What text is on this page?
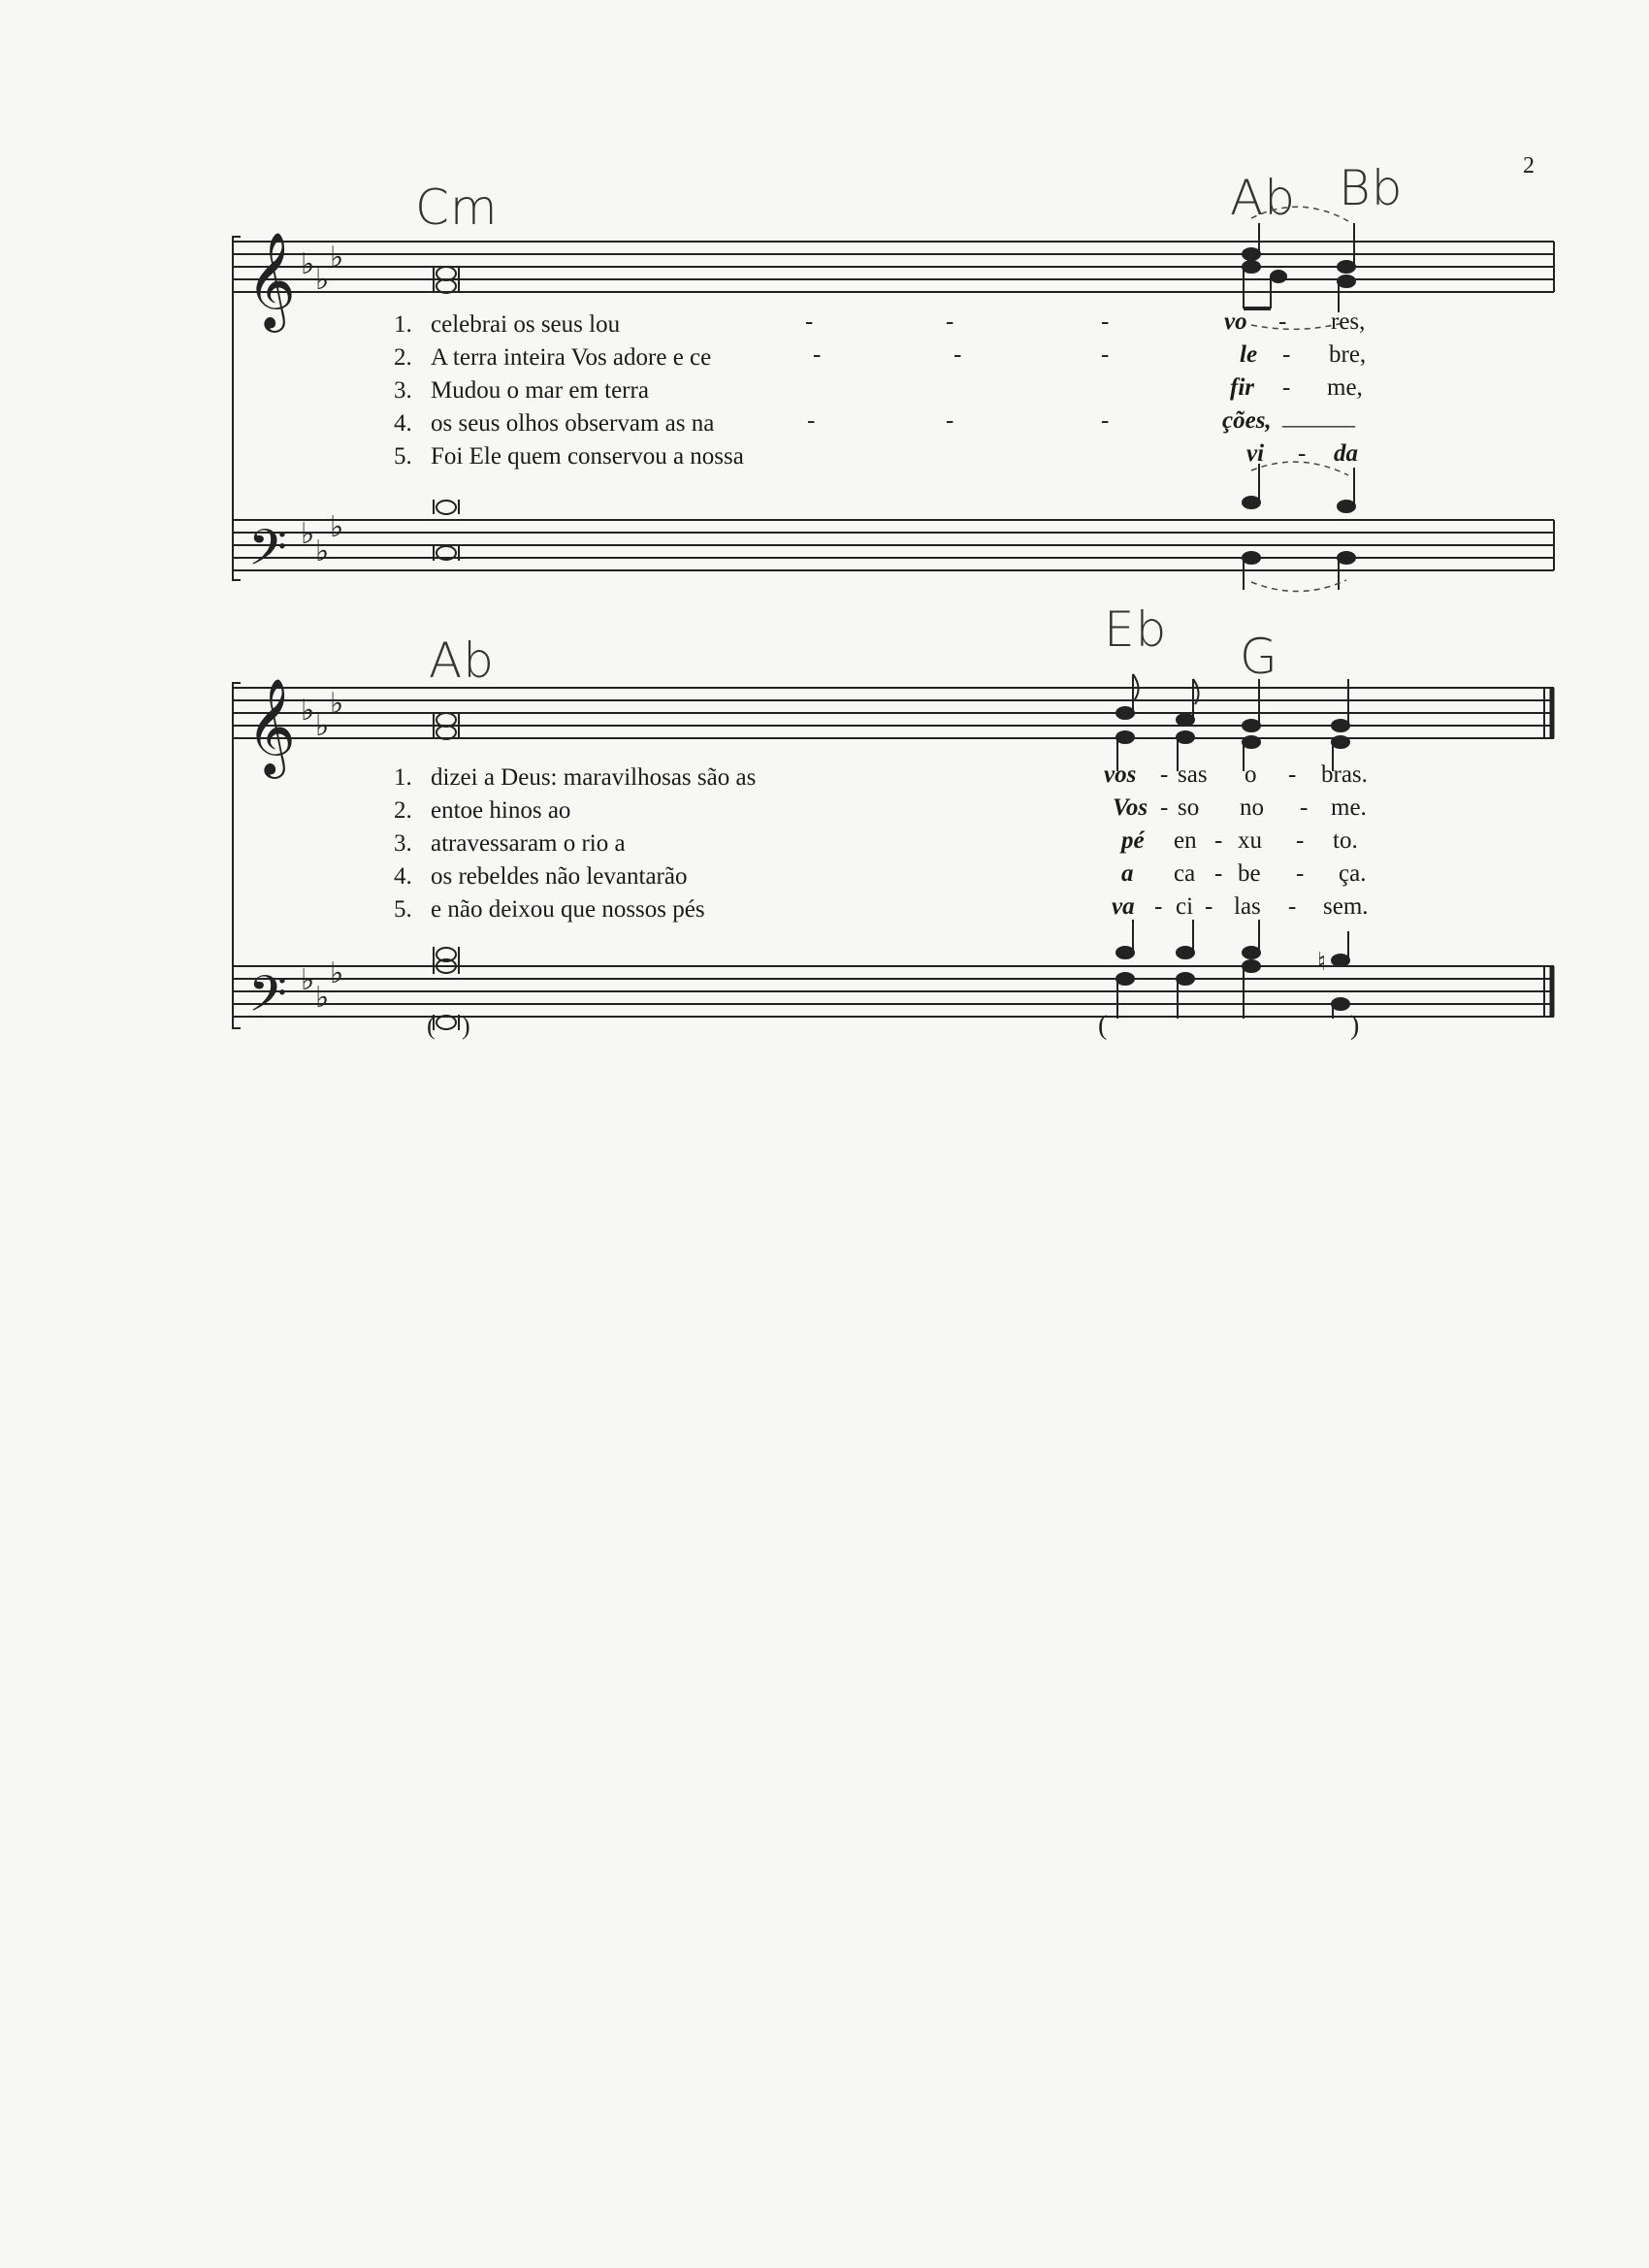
2
Cm	Ab Bb
Ab
Eb G
𝄞
𝄢
♭ ♭
♭
♭
♭
♭
𝄞
𝄢
♭ ♭
♭
♭
♭
♭
( )
♮
(	)
1. celebrai os seus lou
2. A terra inteira Vos adore e ce
3. Mudou o mar em terra
4. os seus olhos observam as na
5. Foi Ele quem conservou a nossa
-	-	-
-	-	-
-	-	-
vo - res,
le - bre,
fir - me,
ções, ______
vi - da
1. dizei a Deus: maravilhosas são as
2. entoe hinos ao
3. atravessaram o rio a
4. os rebeldes não levantarão
5. e não deixou que nossos pés
vos - sas o - bras.
Vos - so no - me.
pé en - xu - to.
a ca - be - ça.
va - ci - las - sem.
